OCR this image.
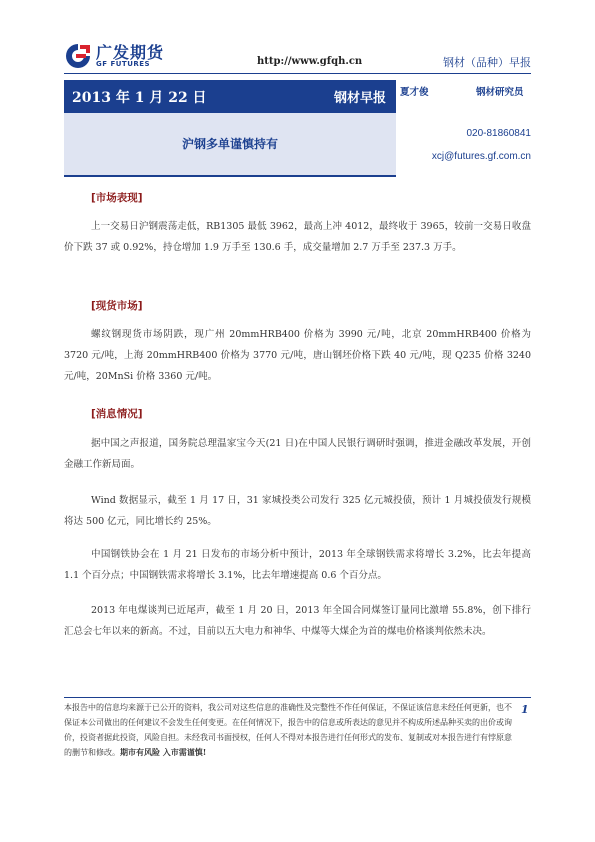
广发期货
GF FUTURES	http://www.gfqh.cn	钢材（品种）早报
2013 年 1 月 22 日	钢材早报
沪钢多单谨慎持有
夏才俊	钢材研究员
020-81860841
xcj@futures.gf.com.cn
[市场表现]

上一交易日沪钢震荡走低，RB1305 最低 3962，最高上冲 4012，最终收于 3965，较前一交易日收盘价下跌 37 或 0.92%，持仓增加 1.9 万手至 130.6 手，成交量增加 2.7 万手至 237.3 万手。

[现货市场]

螺纹钢现货市场阴跌，现广州 20mmHRB400 价格为 3990 元/吨，北京 20mmHRB400 价格为 3720 元/吨，上海 20mmHRB400 价格为 3770 元/吨，唐山钢坯价格下跌 40 元/吨，现 Q235 价格 3240 元/吨，20MnSi 价格 3360 元/吨。

[消息情况]

据中国之声报道，国务院总理温家宝今天(21 日)在中国人民银行调研时强调，推进金融改革发展，开创金融工作新局面。

Wind 数据显示，截至 1 月 17 日，31 家城投类公司发行 325 亿元城投债，预计 1 月城投债发行规模将达 500 亿元，同比增长约 25%。

中国钢铁协会在 1 月 21 日发布的市场分析中预计，2013 年全球钢铁需求将增长 3.2%，比去年提高 1.1 个百分点；中国钢铁需求将增长 3.1%，比去年增速提高 0.6 个百分点。

2013 年电煤谈判已近尾声，截至 1 月 20 日，2013 年全国合同煤签订量同比激增 55.8%，创下排行汇总会七年以来的新高。不过，目前以五大电力和神华、中煤等大煤企为首的煤电价格谈判依然未决。

本报告中的信息均来源于已公开的资料，我公司对这些信息的准确性及完整性不作任何保证，不保证该信息未经任何更新，也不保证本公司做出的任何建议不会发生任何变更。在任何情况下，报告中的信息或所表达的意见并不构成所述品种买卖的出价或询价，投资者据此投资，风险自担。未经我司书面授权，任何人不得对本报告进行任何形式的发布、复制或对本报告进行有悖原意的删节和修改。期市有风险 入市需谨慎!
1
